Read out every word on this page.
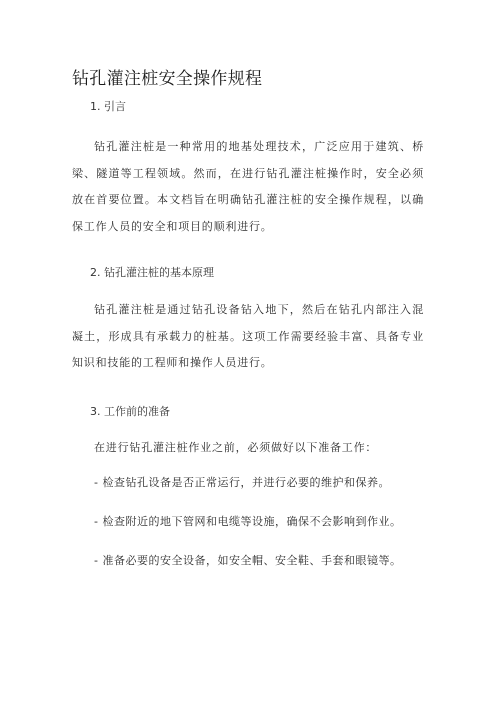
钻孔灌注桩安全操作规程
1. 引言
钻孔灌注桩是一种常用的地基处理技术，广泛应用于建筑、桥梁、隧道等工程领域。然而，在进行钻孔灌注桩操作时，安全必须放在首要位置。本文档旨在明确钻孔灌注桩的安全操作规程，以确保工作人员的安全和项目的顺利进行。
2. 钻孔灌注桩的基本原理
钻孔灌注桩是通过钻孔设备钻入地下，然后在钻孔内部注入混凝土，形成具有承载力的桩基。这项工作需要经验丰富、具备专业知识和技能的工程师和操作人员进行。
3. 工作前的准备
在进行钻孔灌注桩作业之前，必须做好以下准备工作：
- 检查钻孔设备是否正常运行，并进行必要的维护和保养。
- 检查附近的地下管网和电缆等设施，确保不会影响到作业。
- 准备必要的安全设备，如安全帽、安全鞋、手套和眼镜等。
